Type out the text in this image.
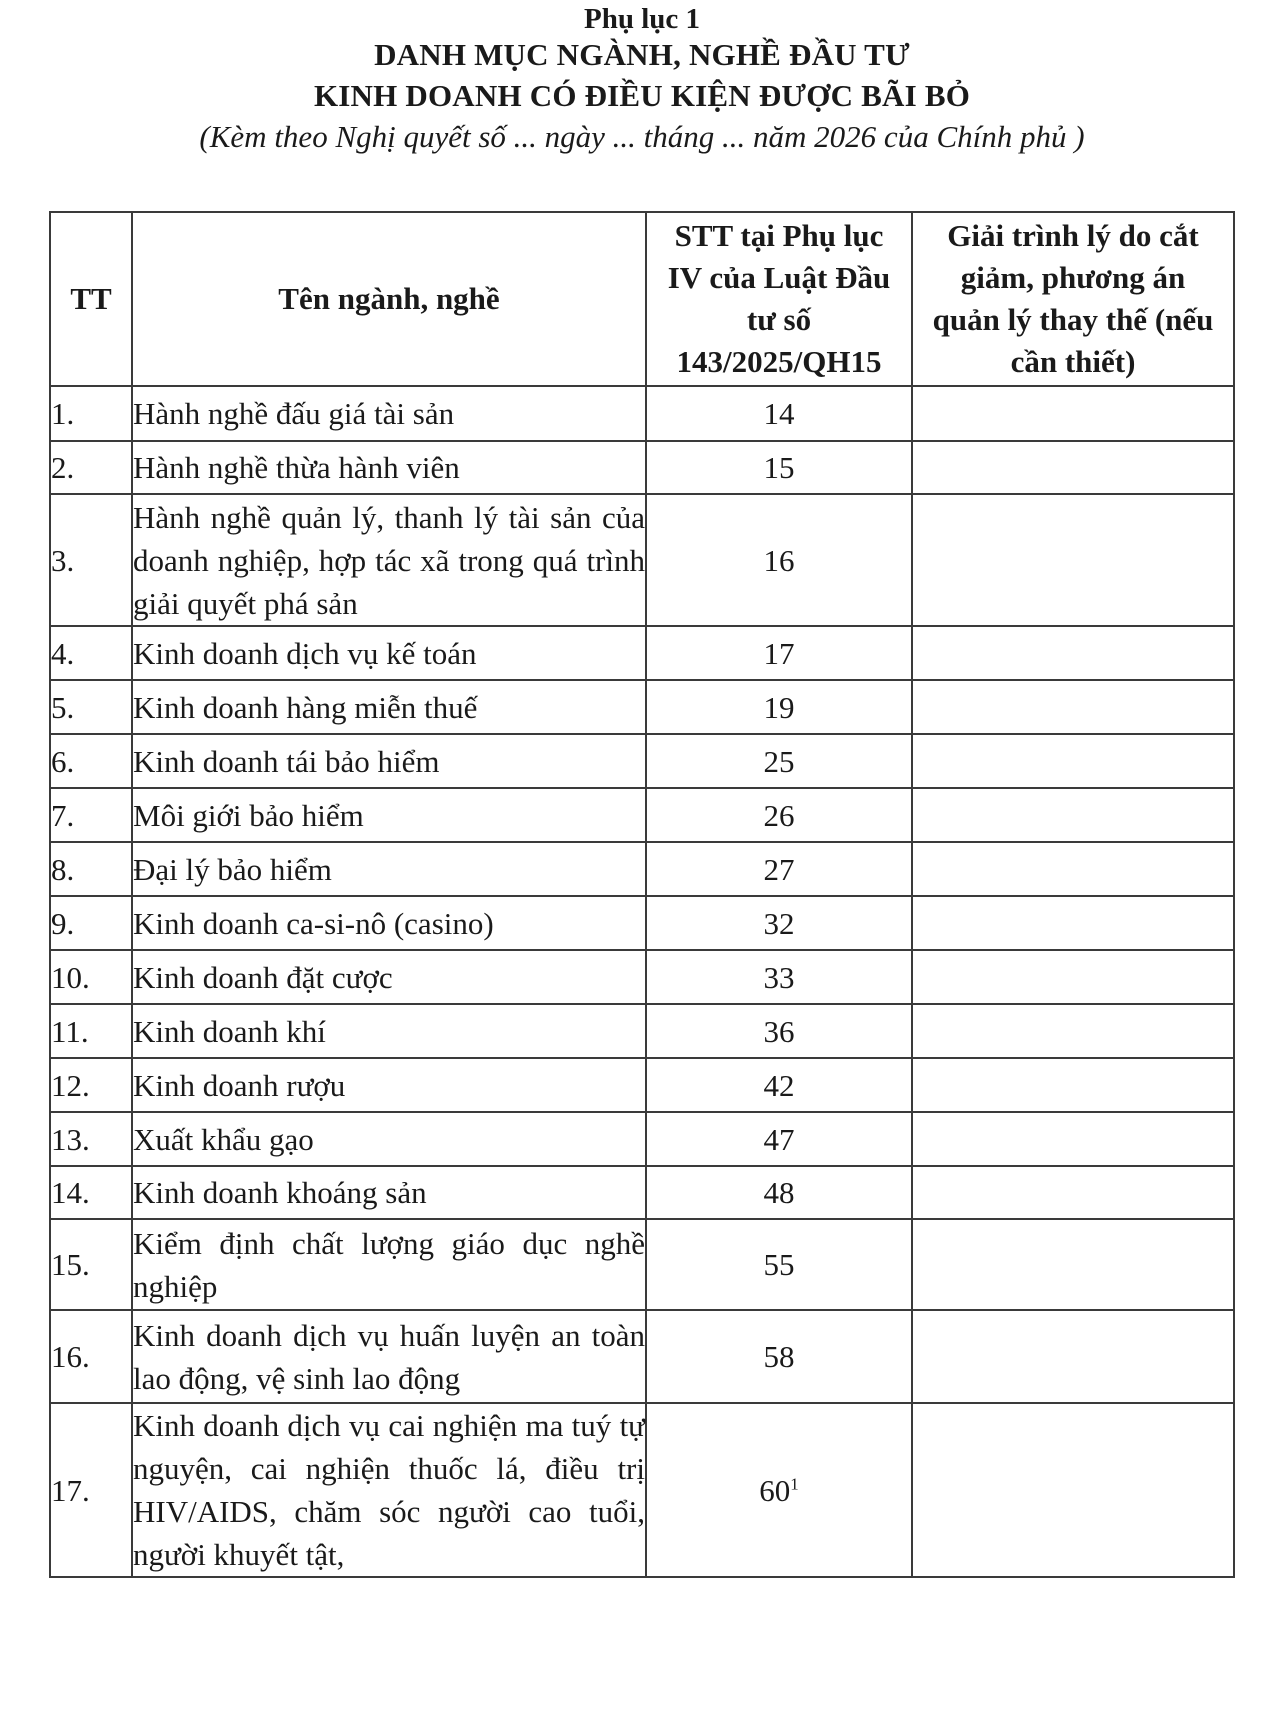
Phụ lục 1
DANH MỤC NGÀNH, NGHỀ ĐẦU TƯ
KINH DOANH CÓ ĐIỀU KIỆN ĐƯỢC BÃI BỎ
(Kèm theo Nghị quyết số ... ngày ... tháng ... năm 2026 của Chính phủ )
TT	Tên ngành, nghề	STT tại Phụ lục IV của Luật Đầu tư số 143/2025/QH15	Giải trình lý do cắt giảm, phương án quản lý thay thế (nếu cần thiết)
1.	Hành nghề đấu giá tài sản	14	
2.	Hành nghề thừa hành viên	15	
3.	Hành nghề quản lý, thanh lý tài sản của doanh nghiệp, hợp tác xã trong quá trình giải quyết phá sản	16	
4.	Kinh doanh dịch vụ kế toán	17	
5.	Kinh doanh hàng miễn thuế	19	
6.	Kinh doanh tái bảo hiểm	25	
7.	Môi giới bảo hiểm	26	
8.	Đại lý bảo hiểm	27	
9.	Kinh doanh ca-si-nô (casino)	32	
10.	Kinh doanh đặt cược	33	
11.	Kinh doanh khí	36	
12.	Kinh doanh rượu	42	
13.	Xuất khẩu gạo	47	
14.	Kinh doanh khoáng sản	48	
15.	Kiểm định chất lượng giáo dục nghề nghiệp	55	
16.	Kinh doanh dịch vụ huấn luyện an toàn lao động, vệ sinh lao động	58	
17.	Kinh doanh dịch vụ cai nghiện ma tuý tự nguyện, cai nghiện thuốc lá, điều trị HIV/AIDS, chăm sóc người cao tuổi, người khuyết tật,	$60^1$	
